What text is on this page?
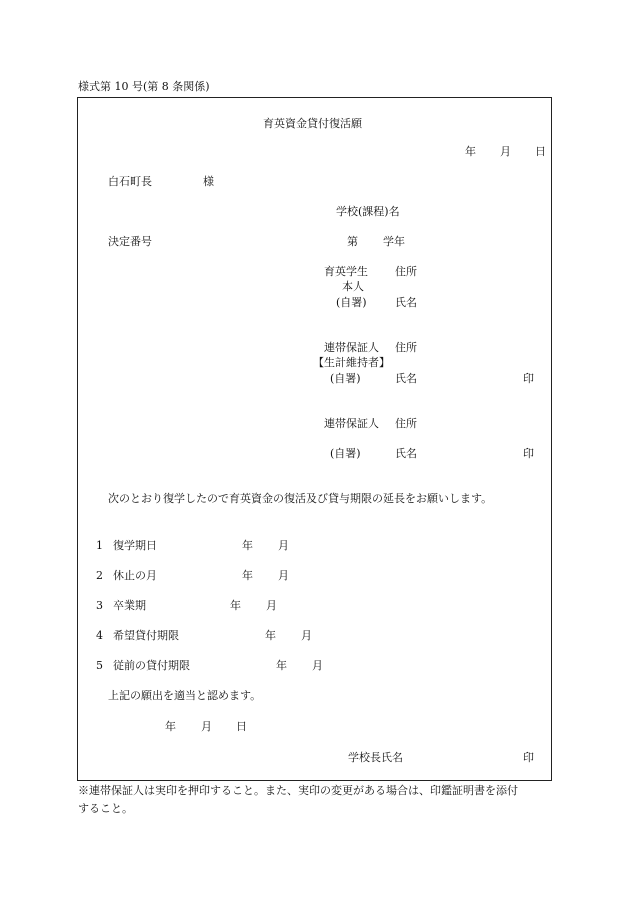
様式第 10 号(第 8 条関係)
育英資金貸付復活願
年 月 日
白石町長	様
学校(課程)名
決定番号	第 学年
育英学生 住所
本人
(自署)	氏名
連帯保証人 住所
【生計維持者】
(自署)	氏名	印
連帯保証人 住所
(自署)	氏名	印
次のとおり復学したので育英資金の復活及び貸与期限の延長をお願いします。
1 復学期日	年 月
2 休止の月	年 月
3 卒業期	年 月
4 希望貸付期限	年 月
5 従前の貸付期限	年 月
上記の願出を適当と認めます。
年 月 日
学校長氏名	印
※連帯保証人は実印を押印すること。また、実印の変更がある場合は、印鑑証明書を添付
すること。
